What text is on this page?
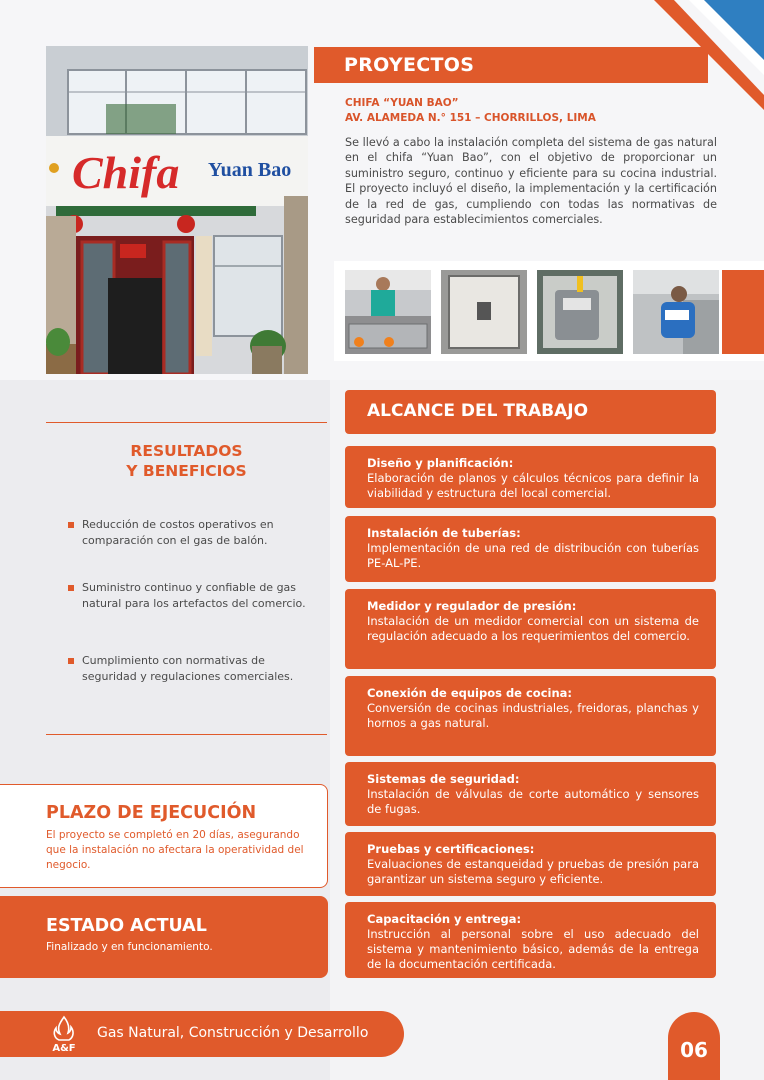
Chifa Yuan Bao
PROYECTOS
CHIFA “YUAN BAO”
AV. ALAMEDA N.° 151 – CHORRILLOS, LIMA
Se llevó a cabo la instalación completa del sistema de gas natural en el chifa “Yuan Bao”, con el objetivo de proporcionar un suministro seguro, continuo y eficiente para su cocina industrial. El proyecto incluyó el diseño, la implementación y la certificación de la red de gas, cumpliendo con todas las normativas de seguridad para establecimientos comerciales.
ALCANCE DEL TRABAJO
Diseño y planificación:
Elaboración de planos y cálculos técnicos para definir la viabilidad y estructura del local comercial.
Instalación de tuberías:
Implementación de una red de distribución con tuberías PE-AL-PE.
Medidor y regulador de presión:
Instalación de un medidor comercial con un sistema de regulación adecuado a los requerimientos del comercio.
Conexión de equipos de cocina:
Conversión de cocinas industriales, freidoras, planchas y hornos a gas natural.
Sistemas de seguridad:
Instalación de válvulas de corte automático y sensores de fugas.
Pruebas y certificaciones:
Evaluaciones de estanqueidad y pruebas de presión para garantizar un sistema seguro y eficiente.
Capacitación y entrega:
Instrucción al personal sobre el uso adecuado del sistema y mantenimiento básico, además de la entrega de la documentación certificada.
RESULTADOS
Y BENEFICIOS
Reducción de costos operativos en comparación con el gas de balón.
Suministro continuo y confiable de gas natural para los artefactos del comercio.
Cumplimiento con normativas de seguridad y regulaciones comerciales.
PLAZO DE EJECUCIÓN
El proyecto se completó en 20 días, asegurando que la instalación no afectara la operatividad del negocio.
ESTADO ACTUAL
Finalizado y en funcionamiento.
A&F
Gas Natural, Construcción y Desarrollo
06
